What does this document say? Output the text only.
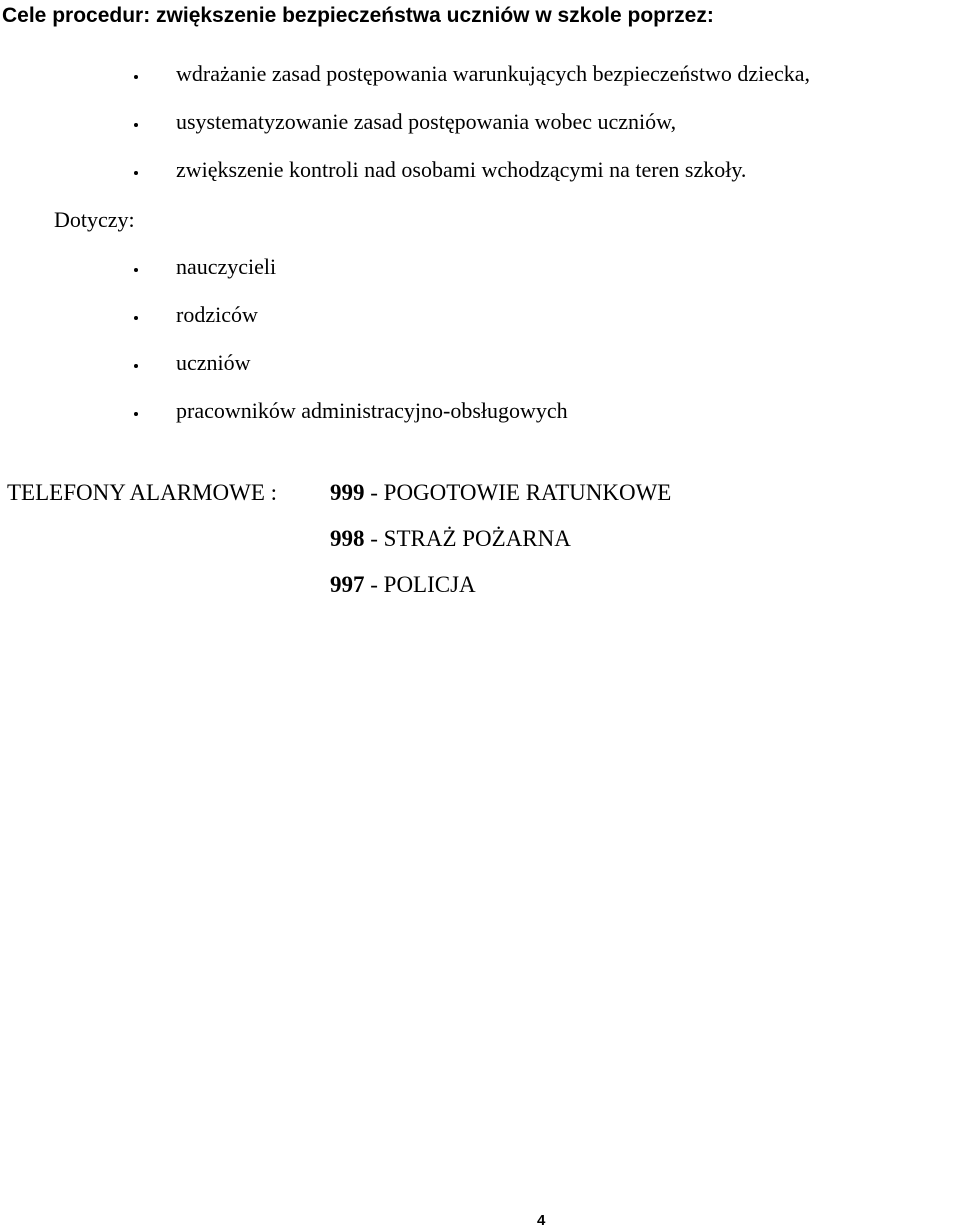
Cele procedur: zwiększenie bezpieczeństwa uczniów w szkole poprzez:
wdrażanie zasad postępowania warunkujących bezpieczeństwo dziecka,
usystematyzowanie zasad postępowania wobec uczniów,
zwiększenie kontroli nad osobami wchodzącymi na teren szkoły.
Dotyczy:
nauczycieli
rodziców
uczniów
pracowników administracyjno-obsługowych
TELEFONY ALARMOWE : 999 - POGOTOWIE RATUNKOWE
998 - STRAŻ POŻARNA
997 - POLICJA
4
